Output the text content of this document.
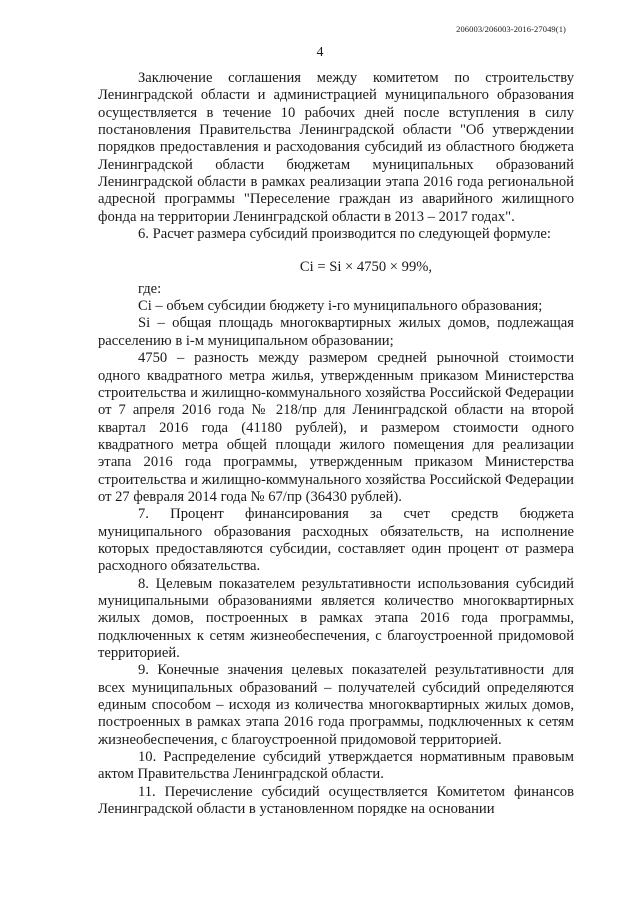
206003/206003-2016-27049(1)
4

Заключение соглашения между комитетом по строительству Ленинградской области и администрацией муниципального образования осуществляется в течение 10 рабочих дней после вступления в силу постановления Правительства Ленинградской области "Об утверждении порядков предоставления и расходования субсидий из областного бюджета Ленинградской области бюджетам муниципальных образований Ленинградской области в рамках реализации этапа 2016 года региональной адресной программы "Переселение граждан из аварийного жилищного фонда на территории Ленинградской области в 2013 – 2017 годах".

6. Расчет размера субсидий производится по следующей формуле:

Ci = Si × 4750 × 99%,

где:

Ci – объем субсидии бюджету i-го муниципального образования;

Si – общая площадь многоквартирных жилых домов, подлежащая расселению в i-м муниципальном образовании;

4750 – разность между размером средней рыночной стоимости одного квадратного метра жилья, утвержденным приказом Министерства строительства и жилищно-коммунального хозяйства Российской Федерации от 7 апреля 2016 года № 218/пр для Ленинградской области на второй квартал 2016 года (41180 рублей), и размером стоимости одного квадратного метра общей площади жилого помещения для реализации этапа 2016 года программы, утвержденным приказом Министерства строительства и жилищно-коммунального хозяйства Российской Федерации от 27 февраля 2014 года № 67/пр (36430 рублей).

7. Процент финансирования за счет средств бюджета муниципального образования расходных обязательств, на исполнение которых предоставляются субсидии, составляет один процент от размера расходного обязательства.

8. Целевым показателем результативности использования субсидий муниципальными образованиями является количество многоквартирных жилых домов, построенных в рамках этапа 2016 года программы, подключенных к сетям жизнеобеспечения, с благоустроенной придомовой территорией.

9. Конечные значения целевых показателей результативности для всех муниципальных образований – получателей субсидий определяются единым способом – исходя из количества многоквартирных жилых домов, построенных в рамках этапа 2016 года программы, подключенных к сетям жизнеобеспечения, с благоустроенной придомовой территорией.

10. Распределение субсидий утверждается нормативным правовым актом Правительства Ленинградской области.

11. Перечисление субсидий осуществляется Комитетом финансов Ленинградской области в установленном порядке на основании
